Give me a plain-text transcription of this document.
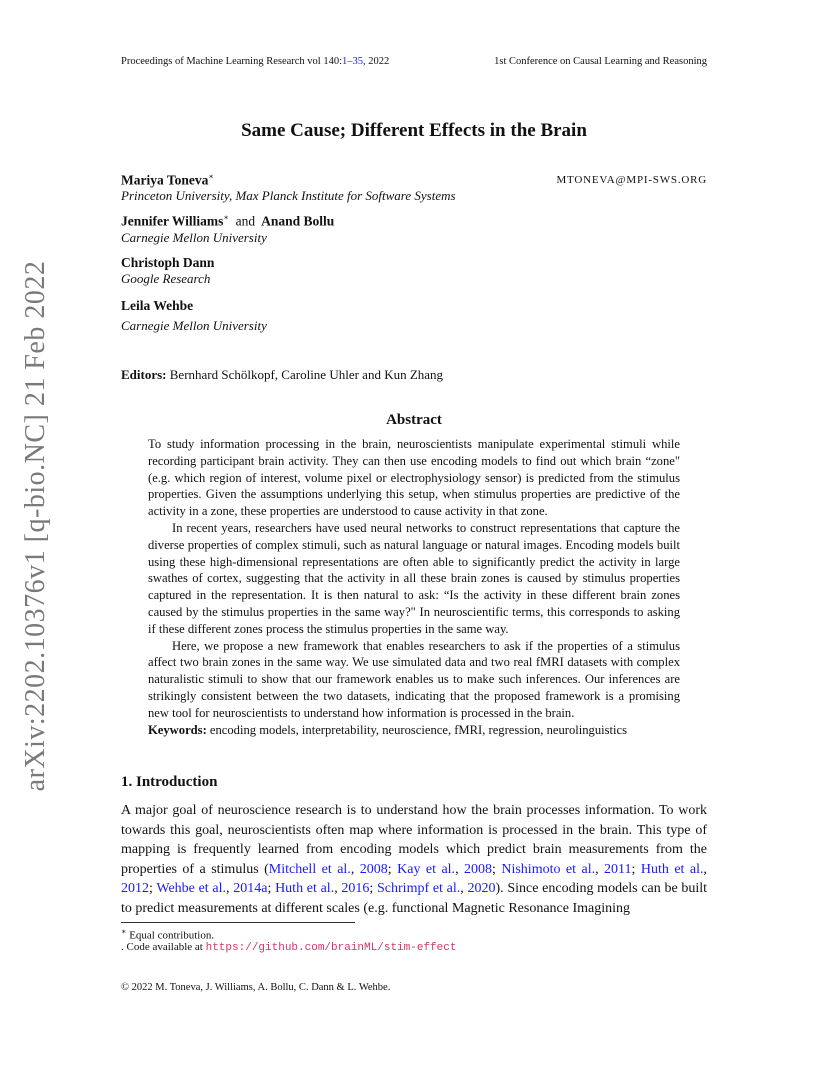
arXiv:2202.10376v1 [q-bio.NC] 21 Feb 2022
Proceedings of Machine Learning Research vol 140:1–35, 2022	1st Conference on Causal Learning and Reasoning
Same Cause; Different Effects in the Brain
Mariya Toneva∗	MTONEVA@MPI-SWS.ORG
Princeton University, Max Planck Institute for Software Systems
Jennifer Williams∗ and Anand Bollu
Carnegie Mellon University
Christoph Dann
Google Research
Leila Wehbe
Carnegie Mellon University
Editors: Bernhard Schölkopf, Caroline Uhler and Kun Zhang
Abstract

To study information processing in the brain, neuroscientists manipulate experimental stimuli while recording participant brain activity. They can then use encoding models to find out which brain “zone" (e.g. which region of interest, volume pixel or electrophysiology sensor) is predicted from the stimulus properties. Given the assumptions underlying this setup, when stimulus properties are predictive of the activity in a zone, these properties are understood to cause activity in that zone.

In recent years, researchers have used neural networks to construct representations that capture the diverse properties of complex stimuli, such as natural language or natural images. Encoding models built using these high-dimensional representations are often able to significantly predict the activity in large swathes of cortex, suggesting that the activity in all these brain zones is caused by stimulus properties captured in the representation. It is then natural to ask: “Is the activity in these different brain zones caused by the stimulus properties in the same way?" In neuroscientific terms, this corresponds to asking if these different zones process the stimulus properties in the same way.

Here, we propose a new framework that enables researchers to ask if the properties of a stimulus affect two brain zones in the same way. We use simulated data and two real fMRI datasets with complex naturalistic stimuli to show that our framework enables us to make such inferences. Our inferences are strikingly consistent between the two datasets, indicating that the proposed framework is a promising new tool for neuroscientists to understand how information is processed in the brain.

Keywords: encoding models, interpretability, neuroscience, fMRI, regression, neurolinguistics

1. Introduction

A major goal of neuroscience research is to understand how the brain processes information. To work towards this goal, neuroscientists often map where information is processed in the brain. This type of mapping is frequently learned from encoding models which predict brain measurements from the properties of a stimulus (Mitchell et al., 2008; Kay et al., 2008; Nishimoto et al., 2011; Huth et al., 2012; Wehbe et al., 2014a; Huth et al., 2016; Schrimpf et al., 2020). Since encoding models can be built to predict measurements at different scales (e.g. functional Magnetic Resonance Imagining

∗ Equal contribution.
. Code available at https://github.com/brainML/stim-effect
© 2022 M. Toneva, J. Williams, A. Bollu, C. Dann & L. Wehbe.
